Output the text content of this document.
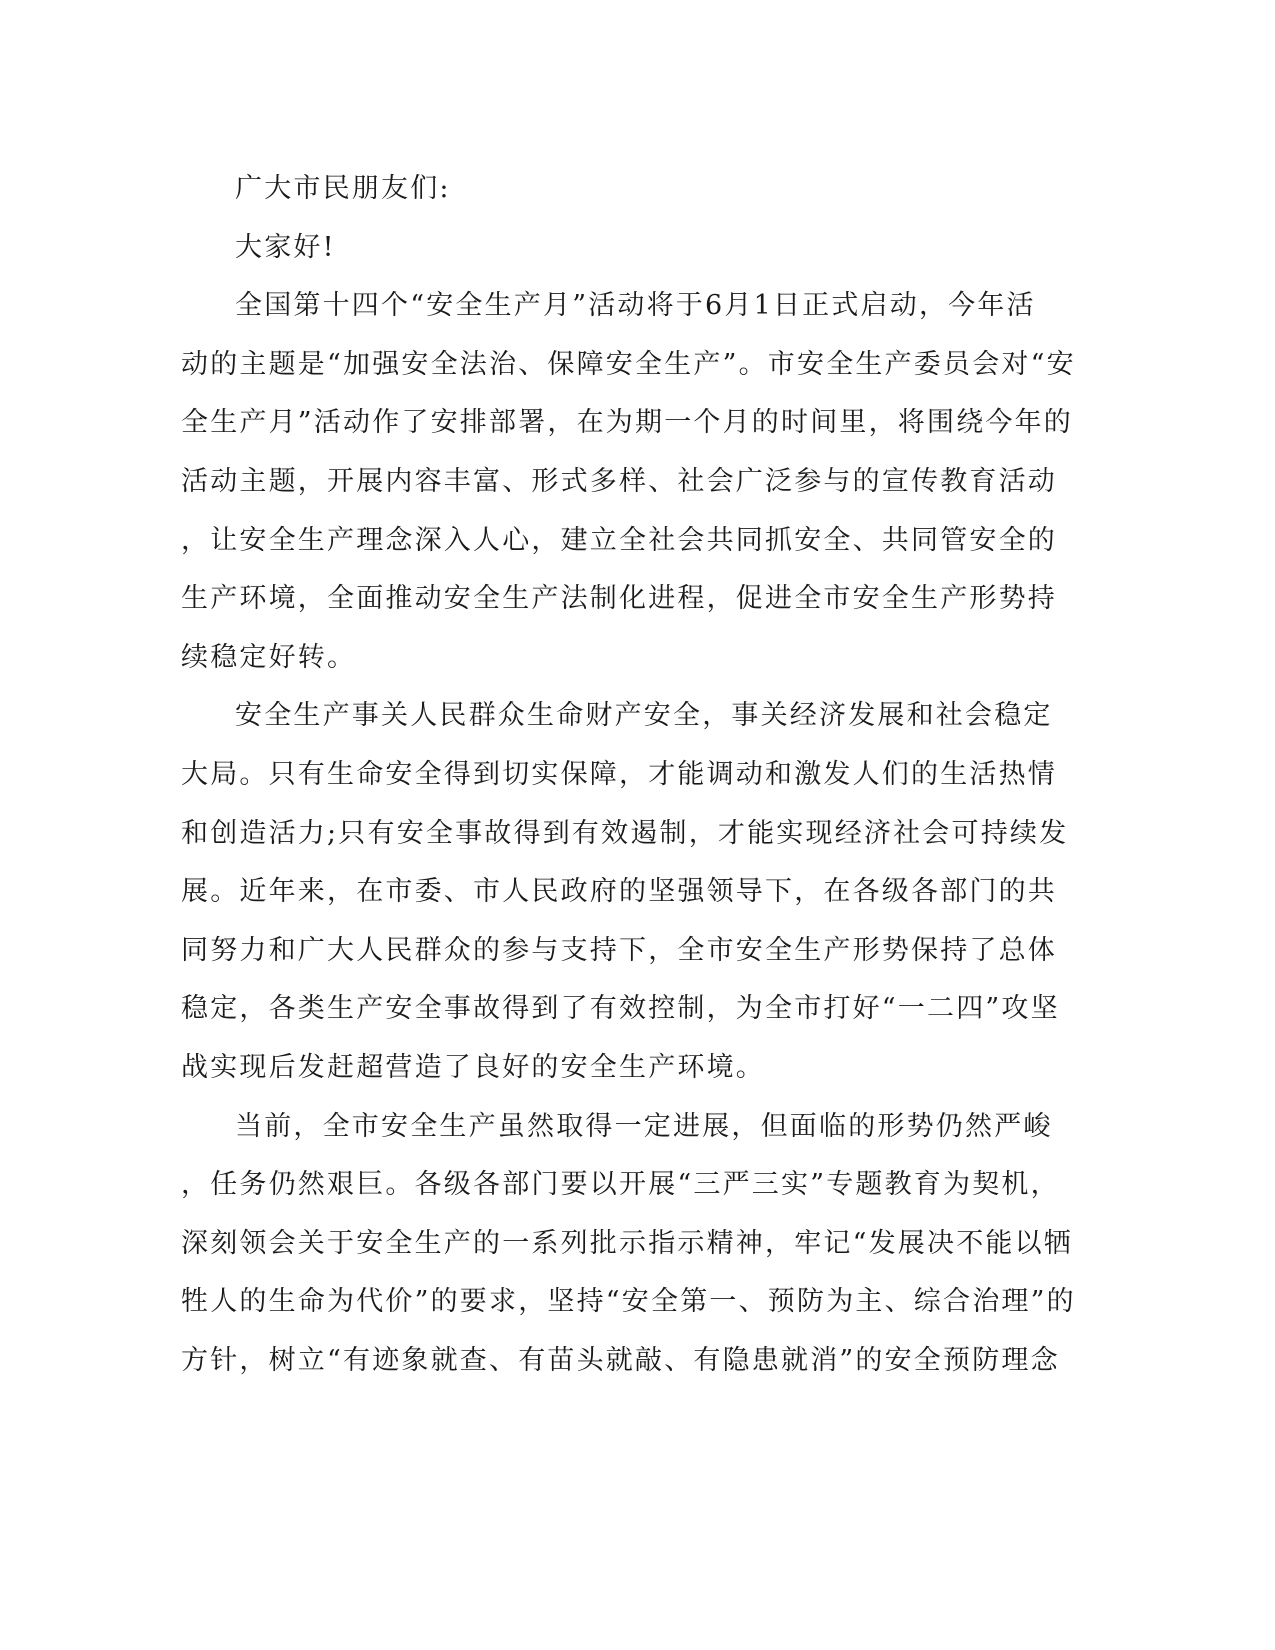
广大市民朋友们:

大家好!

全国第十四个“安全生产月”活动将于6月1日正式启动，今年活
动的主题是“加强安全法治、保障安全生产”。市安全生产委员会对“安
全生产月”活动作了安排部署，在为期一个月的时间里，将围绕今年的
活动主题，开展内容丰富、形式多样、社会广泛参与的宣传教育活动
，让安全生产理念深入人心，建立全社会共同抓安全、共同管安全的
生产环境，全面推动安全生产法制化进程，促进全市安全生产形势持
续稳定好转。

安全生产事关人民群众生命财产安全，事关经济发展和社会稳定
大局。只有生命安全得到切实保障，才能调动和激发人们的生活热情
和创造活力;只有安全事故得到有效遏制，才能实现经济社会可持续发
展。近年来，在市委、市人民政府的坚强领导下，在各级各部门的共
同努力和广大人民群众的参与支持下，全市安全生产形势保持了总体
稳定，各类生产安全事故得到了有效控制，为全市打好“一二四”攻坚
战实现后发赶超营造了良好的安全生产环境。

当前，全市安全生产虽然取得一定进展，但面临的形势仍然严峻
，任务仍然艰巨。各级各部门要以开展“三严三实”专题教育为契机，
深刻领会关于安全生产的一系列批示指示精神，牢记“发展决不能以牺
牲人的生命为代价”的要求，坚持“安全第一、预防为主、综合治理”的
方针，树立“有迹象就查、有苗头就敲、有隐患就消”的安全预防理念
